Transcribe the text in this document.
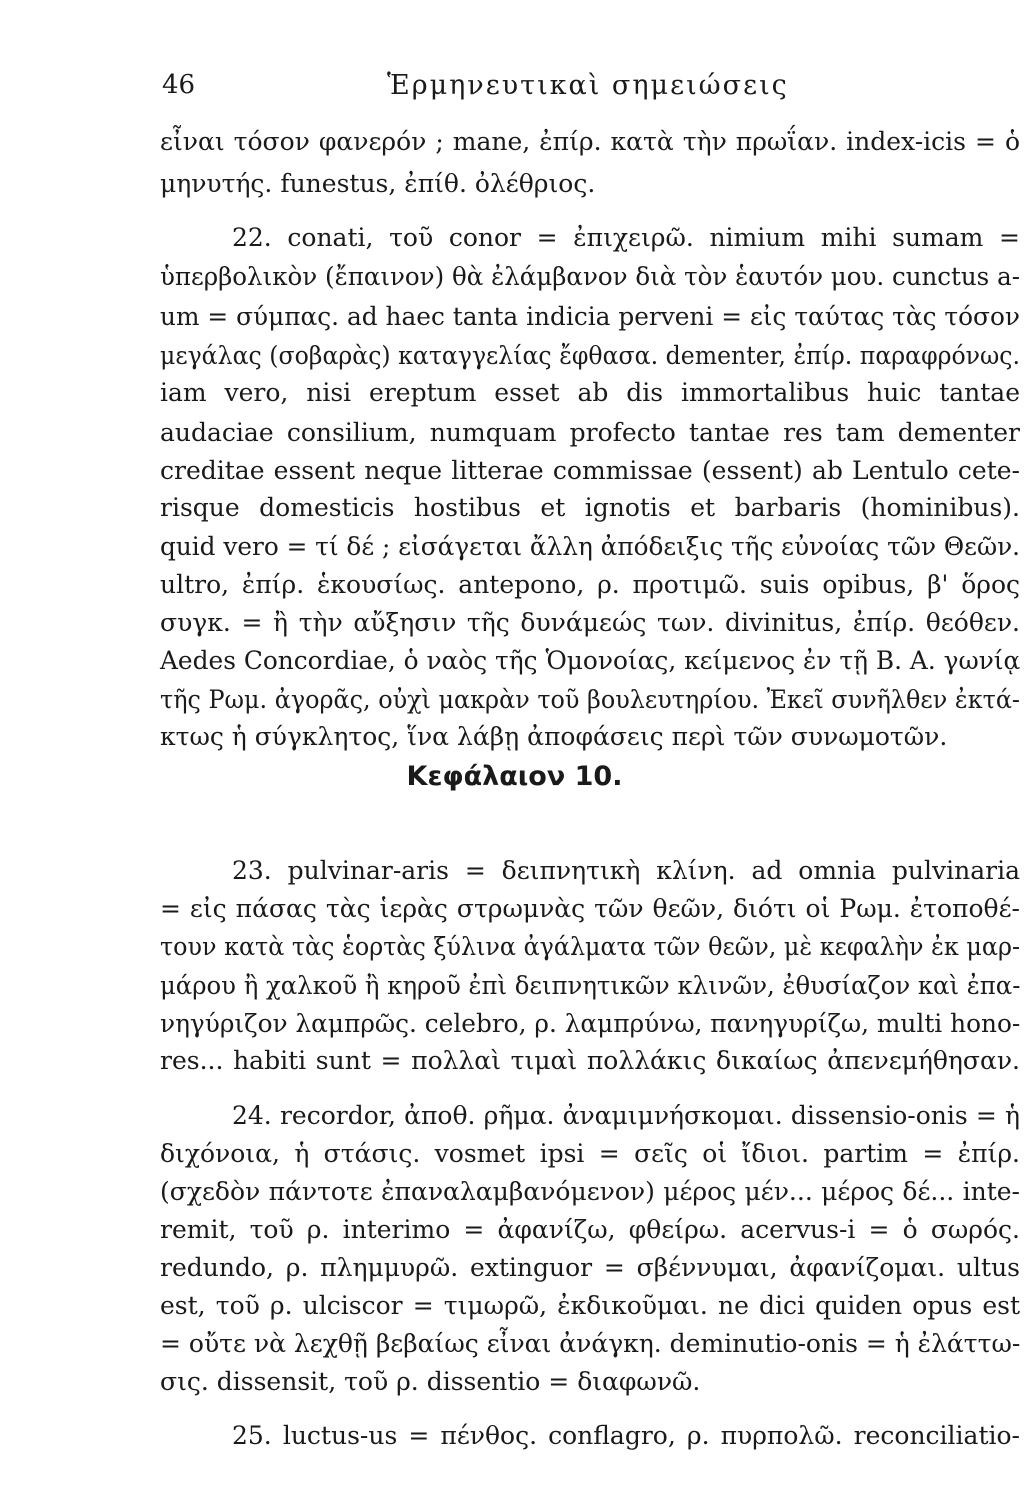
46	Ἑρμηνευτικαὶ σημειώσεις
εἶναι τόσον φανερόν ; mane, ἐπίρ. κατὰ τὴν πρωΐαν. index-icis = ὁ
μηνυτής. funestus, ἐπίθ. ὀλέθριος.
22. conati, τοῦ conor = ἐπιχειρῶ. nimium mihi sumam =
ὑπερβολικὸν (ἔπαινον) θὰ ἐλάμβανον διὰ τὸν ἑαυτόν μου. cunctus a-
um = σύμπας. ad haec tanta indicia perveni = εἰς ταύτας τὰς τόσον
μεγάλας (σοβαρὰς) καταγγελίας ἔφθασα. dementer, ἐπίρ. παραφρόνως.
iam vero, nisi ereptum esset ab dis immortalibus huic tantae
audaciae consilium, numquam profecto tantae res tam dementer
creditae essent neque litterae commissae (essent) ab Lentulo cete-
risque domesticis hostibus et ignotis et barbaris (hominibus).
quid vero = τί δέ ; εἰσάγεται ἄλλη ἀπόδειξις τῆς εὐνοίας τῶν Θεῶν.
ultro, ἐπίρ. ἑκουσίως. antepono, ρ. προτιμῶ. suis opibus, β' ὅρος
συγκ. = ἢ τὴν αὔξησιν τῆς δυνάμεώς των. divinitus, ἐπίρ. θεόθεν.
Aedes Concordiae, ὁ ναὸς τῆς Ὁμονοίας, κείμενος ἐν τῇ Β. Α. γωνίᾳ
τῆς Ρωμ. ἀγορᾶς, οὐχὶ μακρὰν τοῦ βουλευτηρίου. Ἐκεῖ συνῆλθεν ἐκτά-
κτως ἡ σύγκλητος, ἵνα λάβῃ ἀποφάσεις περὶ τῶν συνωμοτῶν.
Κεφάλαιον 10.
23. pulvinar-aris = δειπνητικὴ κλίνη. ad omnia pulvinaria
= εἰς πάσας τὰς ἱερὰς στρωμνὰς τῶν θεῶν, διότι οἱ Ρωμ. ἐτοποθέ-
τουν κατὰ τὰς ἑορτὰς ξύλινα ἀγάλματα τῶν θεῶν, μὲ κεφαλὴν ἐκ μαρ-
μάρου ἢ χαλκοῦ ἢ κηροῦ ἐπὶ δειπνητικῶν κλινῶν, ἐθυσίαζον καὶ ἐπα-
νηγύριζον λαμπρῶς. celebro, ρ. λαμπρύνω, πανηγυρίζω, multi hono-
res... habiti sunt = πολλαὶ τιμαὶ πολλάκις δικαίως ἀπενεμήθησαν.
24. recordor, ἀποθ. ρῆμα. ἀναμιμνήσκομαι. dissensio-onis = ἡ
διχόνοια, ἡ στάσις. vosmet ipsi = σεῖς οἱ ἴδιοι. partim = ἐπίρ.
(σχεδὸν πάντοτε ἐπαναλαμβανόμενον) μέρος μέν... μέρος δέ... inte-
remit, τοῦ ρ. interimo = ἀφανίζω, φθείρω. acervus-i = ὁ σωρός.
redundo, ρ. πλημμυρῶ. extinguor = σβέννυμαι, ἀφανίζομαι. ultus
est, τοῦ ρ. ulciscor = τιμωρῶ, ἐκδικοῦμαι. ne dici quiden opus est
= οὔτε νὰ λεχθῇ βεβαίως εἶναι ἀνάγκη. deminutio-onis = ἡ ἐλάττω-
σις. dissensit, τοῦ ρ. dissentio = διαφωνῶ.
25. luctus-us = πένθος. conflagro, ρ. πυρπολῶ. reconciliatio-
